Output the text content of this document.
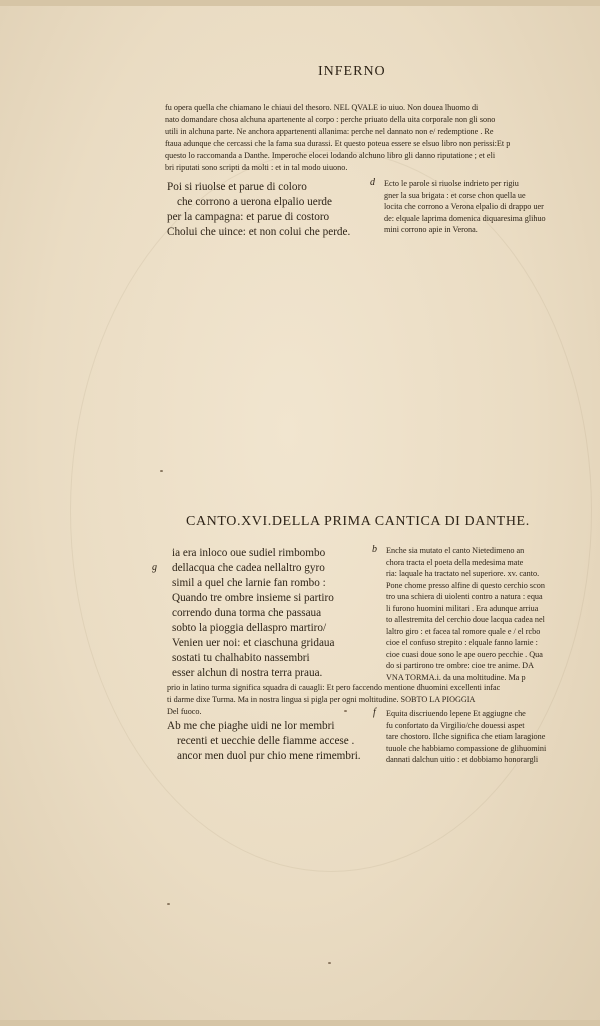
INFERNO
fu opera quella che chiamano le chiaui del thesoro. NEL QVALE io uiuo. Non douea lhuomo di
nato domandare chosa alchuna apartenente al corpo : perche priuato della uita corporale non gli sono
utili in alchuna parte. Ne anchora appartenenti allanima: perche nel dannato non e/ redemptione . Re
ftaua adunque che cercassi che la fama sua durassi. Et questo poteua essere se elsuo libro non perissi:Et p
questo lo raccomanda a Danthe. Imperoche elocei lodando alchuno libro gli danno riputatione ; et eli
bri riputati sono scripti da molti : et in tal modo uiuono.
Poi si riuolse et parue di coloro
che corrono a uerona elpalio uerde
per la campagna: et parue di costoro
Cholui che uince: et non colui che perde.
d Ecto le parole si riuolse indrieto per rigiu
gner la sua brigata : et corse chon quella ue
locita che corrono a Verona elpalio di drappo uer
de: elquale laprima domenica diquaresima glihuo
mini corrono apie in Verona.
CANTO.XVI.DELLA PRIMA CANTICA DI DANTHE.
g
ia era inloco oue sudiel rimbombo
dellacqua che cadea nellaltro gyro
simil a quel che larnie fan rombo :
Quando tre ombre insieme si partiro
correndo duna torma che passaua
sobto la pioggia dellaspro martiro/
Venien uer noi: et ciaschuna gridaua
sostati tu chalhabito nassembri
esser alchun di nostra terra praua.
b Enche sia mutato el canto Nietedimeno an
chora tracta el poeta della medesima mate
ria: laquale ha tractato nel superiore. xv. canto.
Pone chome presso alfine di questo cerchio scon
tro una schiera di uiolenti contro a natura : equa
li furono huomini militari . Era adunque arriua
to allestremita del cerchio doue lacqua cadea nel
laltro giro : et facea tal romore quale e / el rcbo
cioe el confuso strepito : elquale fanno larnie :
cioe cuasi doue sono le ape ouero pecchie . Qua
do si partirono tre ombre: cioe tre anime. DA
VNA TORMA.i. da una moltitudine. Ma p
prio in latino turma significa squadra di cauagli: Et pero faccendo mentione dhuomini excellenti infac
ti darme dixe Turma. Ma in nostra lingua si pigla per ogni moltitudine. SOBTO LA PIOGGIA
Del fuoco.
Ab me che piaghe uidi ne lor membri
recenti et uecchie delle fiamme accese .
ancor men duol pur chio mene rimembri.
f Equita discriuendo lepene Et aggiugne che
fu confortato da Virgilio/che douessi aspet
tare chostoro. Ilche significa che etiam laragione
tuuole che habbiamo compassione de glihuomini
dannati dalchun uitio : et dobbiamo honorargli
